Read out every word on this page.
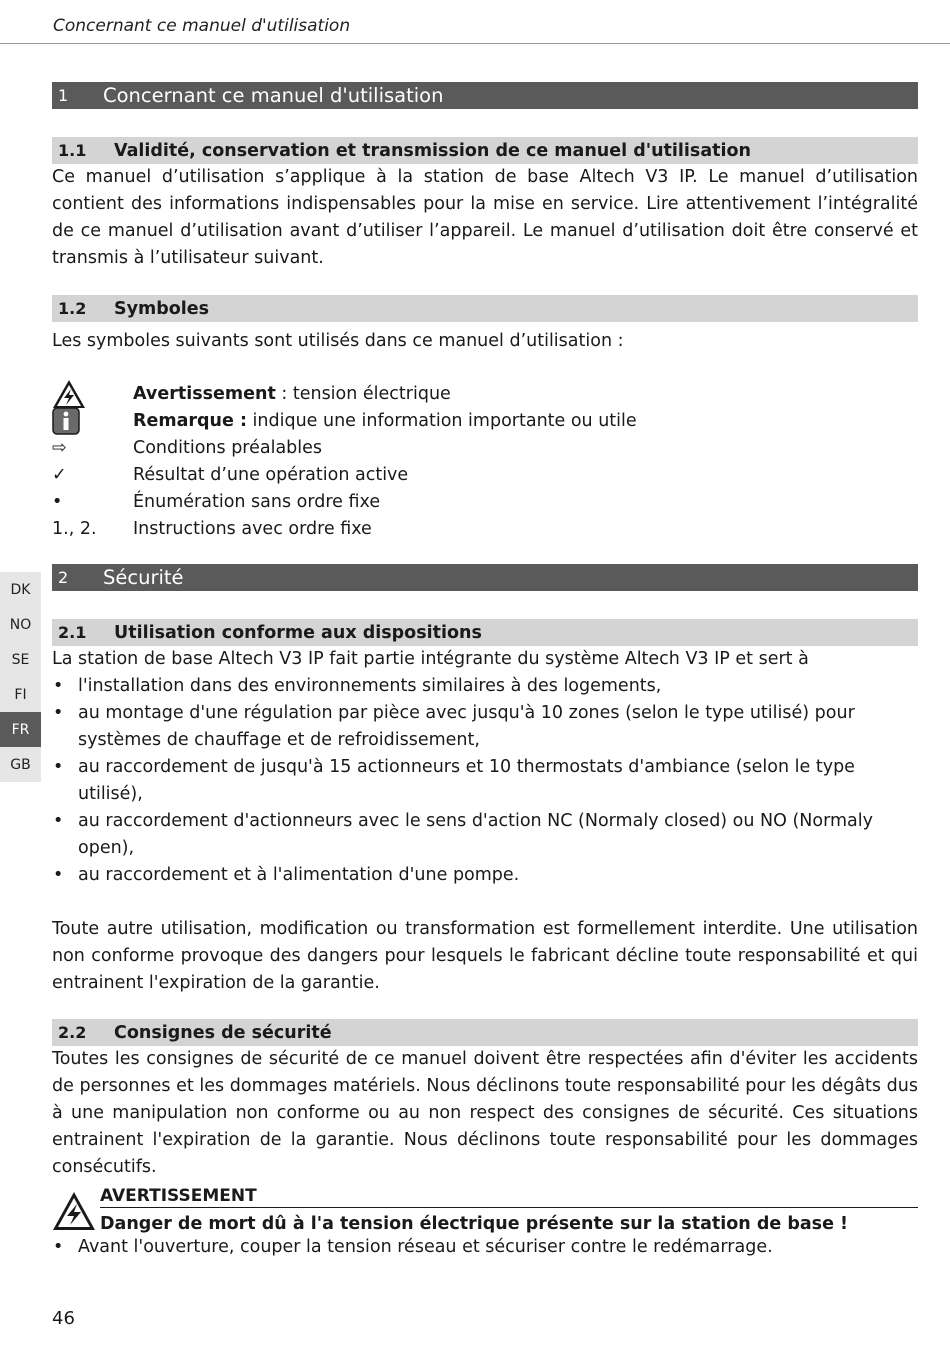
Concernant ce manuel d'utilisation
DK
NO
SE
FI
FR
GB
1	Concernant ce manuel d'utilisation
1.1	Validité, conservation et transmission de ce manuel d'utilisation

Ce manuel d’utilisation s’applique à la station de base Altech V3 IP. Le manuel d’utilisation contient des informations indispensables pour la mise en service. Lire attentivement l’intégralité de ce manuel d’utilisation avant d’utiliser l’appareil. Le manuel d’utilisation doit être conservé et transmis à l’utilisateur suivant.

1.2	Symboles

Les symboles suivants sont utilisés dans ce manuel d’utilisation :

Avertissement : tension électrique
Remarque : indique une information importante ou utile
⇨	Conditions préalables
✓	Résultat d’une opération active
•	Énumération sans ordre fixe
1., 2.	Instructions avec ordre fixe
2	Sécurité
2.1	Utilisation conforme aux dispositions

La station de base Altech V3 IP fait partie intégrante du système Altech V3 IP et sert à

• l'installation dans des environnements similaires à des logements,
• au montage d'une régulation par pièce avec jusqu'à 10 zones (selon le type utilisé) pour systèmes de chauffage et de refroidissement,
• au raccordement de jusqu'à 15 actionneurs et 10 thermostats d'ambiance (selon le type utilisé),
• au raccordement d'actionneurs avec le sens d'action NC (Normaly closed) ou NO (Normaly open),
• au raccordement et à l'alimentation d'une pompe.

Toute autre utilisation, modification ou transformation est formellement interdite. Une utilisation non conforme provoque des dangers pour lesquels le fabricant décline toute responsabilité et qui entrainent l'expiration de la garantie.

2.2	Consignes de sécurité

Toutes les consignes de sécurité de ce manuel doivent être respectées afin d'éviter les accidents de personnes et les dommages matériels. Nous déclinons toute responsabilité pour les dégâts dus à une manipulation non conforme ou au non respect des consignes de sécurité. Ces situations entrainent l'expiration de la garantie. Nous déclinons toute responsabilité pour les dommages consécutifs.

AVERTISSEMENT
Danger de mort dû à l'a tension électrique présente sur la station de base !
• Avant l'ouverture, couper la tension réseau et sécuriser contre le redémarrage.
46
